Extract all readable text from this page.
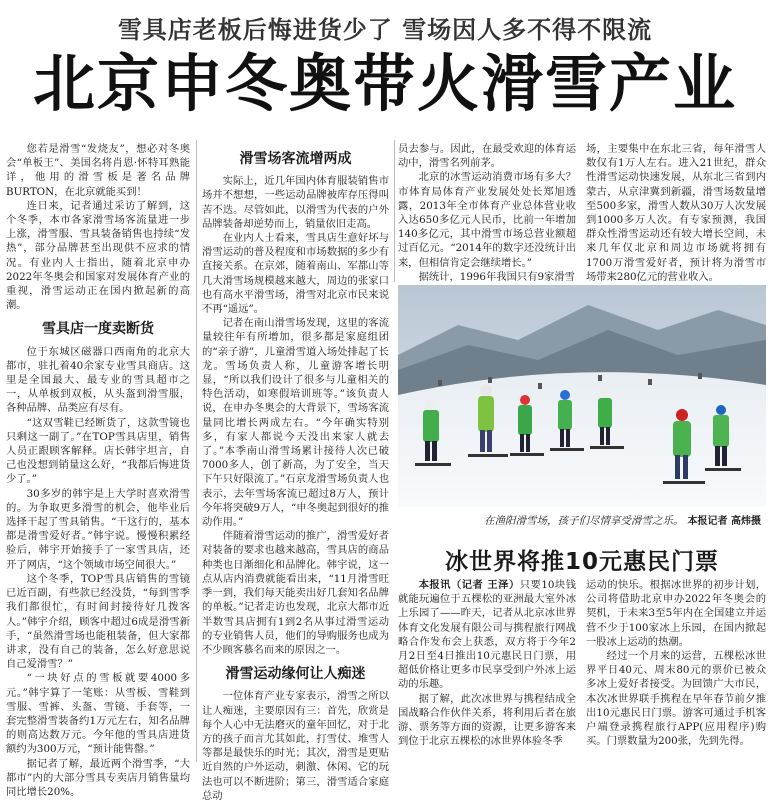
雪具店老板后悔进货少了 雪场因人多不得不限流
北京申冬奥带火滑雪产业

您若是滑雪“发烧友”，想必对冬奥会“单板王”、美国名将肖恩·怀特耳熟能详，他用的滑雪板是著名品牌BURTON，在北京就能买到！

连日来，记者通过采访了解到，这个冬季，本市各家滑雪场客流量进一步上涨，滑雪服、雪具装备销售也持续“发热”，部分品牌甚至出现供不应求的情况。有业内人士指出，随着北京申办2022年冬奥会和国家对发展体育产业的重视，滑雪运动正在国内掀起新的高潮。

雪具店一度卖断货

位于东城区磁器口西南角的北京大都市，驻扎着40余家专业雪具商店。这里是全国最大、最专业的雪具超市之一，从单板到双板，从头盔到滑雪服，各种品牌、品类应有尽有。

“这双雪鞋已经断货了，这款雪镜也只剩这一副了。”在TOP雪具店里，销售人员正跟顾客解释。店长韩宇坦言，自己也没想到销量这么好，“我都后悔进货少了。”

30多岁的韩宇是上大学时喜欢滑雪的。为争取更多滑雪的机会，他毕业后选择干起了雪具销售。“干这行的，基本都是滑雪爱好者。”韩宇说。慢慢积累经验后，韩宇开始接手了一家雪具店，还开了网店，“这个领域市场空间很大。”

这个冬季，TOP雪具店销售的雪镜已近百副，有些款已经没货，“每到雪季我们都很忙，有时间封接待好几拨客人。”韩宇介绍，顾客中超过6成是滑雪新手，“虽然滑雪场也能租装备，但大家都讲求，没有自己的装备，怎么好意思说自己爱滑雪？”

“一块好点的雪板就要4000多元。”韩宇算了一笔账：从雪板、雪鞋到雪服、雪裤、头盔、雪镜、手套等，一套完整滑雪装备约1万元左右，知名品牌的则高达数万元。今年他的雪具店进货额约为300万元，“预计能售罄。”

据记者了解，最近两个滑雪季，“大都市”内的大部分雪具专卖店月销售量均同比增长20%。

滑雪场客流增两成

实际上，近几年国内体育服装销售市场并不想想，一些运动品牌被库存压得叫苦不迭。尽管如此，以滑雪为代表的户外品牌装备却逆势而上，销量依旧走高。

在业内人士看来，雪具店生意好坏与滑雪运动的普及程度和市场数据的多少有直接关系。在京郊，随着南山、军都山等几大滑雪场规模越来越大，周边的张家口也有高水平滑雪场，滑雪对北京市民来说不再“遥远”。

记者在南山滑雪场发现，这里的客流量较往年有所增加，很多都是家庭组团的“亲子游”，儿童滑雪道入场处排起了长龙。雪场负责人称，儿童游客增长明显，“所以我们设计了很多与儿童相关的特色活动，如寒假培训班等。”该负责人说，在申办冬奥会的大背景下，雪场客流量同比增长两成左右。“今年确实特别多，有家人都说今天没出来家人就去了。”本季南山滑雪场累计接待人次已破7000多人，创了新高，为了安全，当天下午只好限流了。”石京龙滑雪场负责人也表示，去年雪场客流已超过8万人，预计今年将突破9万人，“申冬奥起到很好的推动作用。”

伴随着滑雪运动的推广，滑雪爱好者对装备的要求也越来越高，雪具店的商品种类也日渐细化和品牌化。韩宇说，这一点从店内消费就能看出来，“11月滑雪旺季一到，我们每天能卖出好几套知名品牌的单板。”记者走访也发现，北京大都市近半数雪具店拥有1到2名从事过滑雪运动的专业销售人员，他们的导购服务也成为不少顾客慕名而来的原因之一。

滑雪运动缘何让人痴迷

一位体育产业专家表示，滑雪之所以让人痴迷，主要原因有三：首先，欣赏是每个人心中无法磨灭的童年回忆，对于北方的孩子而言尤其如此，打雪仗、堆雪人等都是最快乐的时光；其次，滑雪是更贴近自然的户外运动，刺激、休闲、它的玩法也可以不断进阶；第三，滑雪适合家庭总动

员去参与。因此，在最受欢迎的体育运动中，滑雪名列前茅。

北京的冰雪运动消费市场有多大？市体育局体育产业发展处处长郑旭透露，2013年全市体育产业总体营业收入达650多亿元人民币，比前一年增加140多亿元，其中滑雪市场总营业额超过百亿元。“2014年的数字还没统计出来，但相信肯定会继续增长。”

据统计，1996年我国只有9家滑雪

场，主要集中在东北三省，每年滑雪人数仅有1万人左右。进入21世纪，群众性滑雪运动快速发展，从东北三省到内蒙古，从京津冀到新疆，滑雪场数量增至500多家，滑雪人数从30万人次发展到1000多万人次。有专家预测，我国群众性滑雪运动还有较大增长空间，未来几年仅北京和周边市场就将拥有1700万滑雪爱好者，预计将为滑雪市场带来280亿元的营业收入。

在渔阳滑雪场，孩子们尽情享受滑雪之乐。 本报记者 高炜摄
冰世界将推10元惠民门票

本报讯（记者 王泽）只要10块钱就能玩遍位于五棵松的亚洲最大室外冰上乐园了——昨天，记者从北京冰世界体育文化发展有限公司与携程旅行网战略合作发布会上获悉，双方将于今年2月2日至4日推出10元惠民日门票，用超低价格让更多市民享受到户外冰上运动的乐趣。

据了解，此次冰世界与携程结成全国战略合作伙伴关系，将利用后者在旅游、票务等方面的资源，让更多游客来到位于北京五棵松的冰世界体验冬季

运动的快乐。根据冰世界的初步计划，公司将借助北京申办2022年冬奥会的契机，于未来3至5年内在全国建立并运营不少于100家冰上乐园，在国内掀起一股冰上运动的热潮。

经过一个月来的运营，五棵松冰世界平日40元、周末80元的票价已被众多冰上爱好者接受。为回馈广大市民，本次冰世界联手携程在早年春节前夕推出10元惠民日门票。游客可通过手机客户端登录携程旅行APP(应用程序)购买。门票数量为200张，先到先得。
